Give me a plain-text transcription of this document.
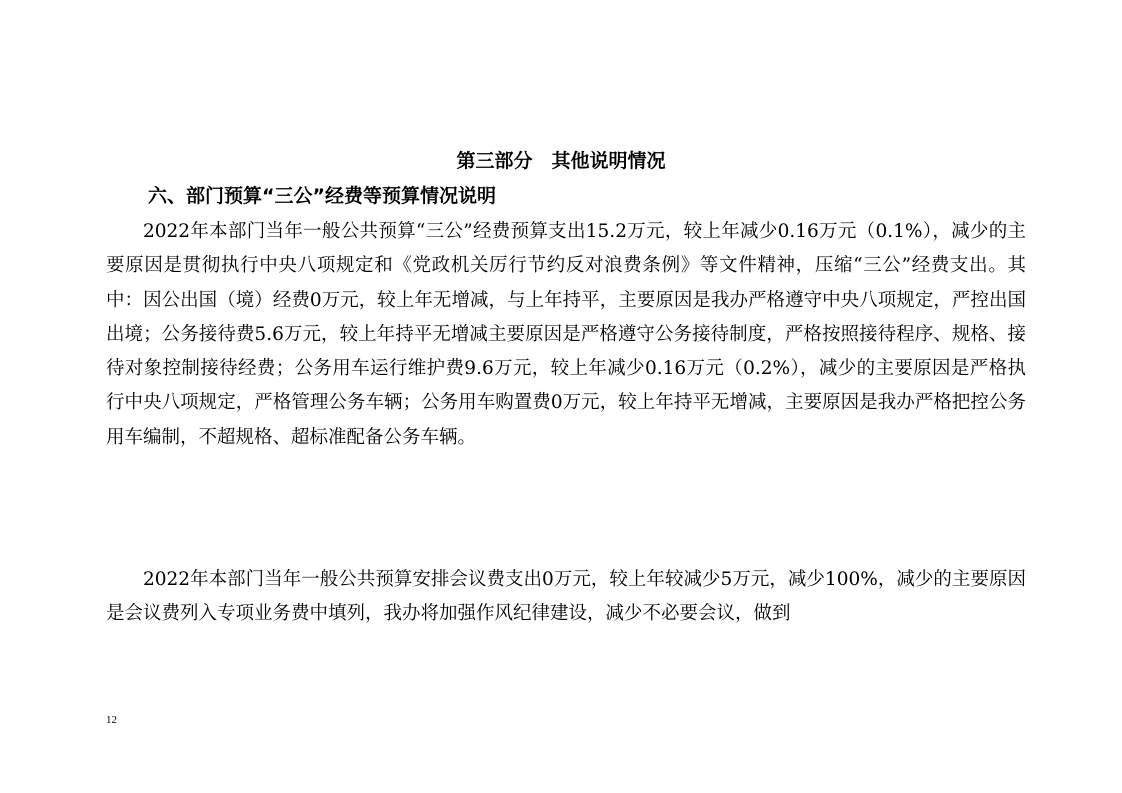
第三部分　其他说明情况
六、部门预算“三公”经费等预算情况说明

2022年本部门当年一般公共预算“三公”经费预算支出15.2万元，较上年减少0.16万元（0.1%），减少的主要原因是贯彻执行中央八项规定和《党政机关厉行节约反对浪费条例》等文件精神，压缩“三公”经费支出。其中：因公出国（境）经费0万元，较上年无增减，与上年持平，主要原因是我办严格遵守中央八项规定，严控出国出境；公务接待费5.6万元，较上年持平无增减主要原因是严格遵守公务接待制度，严格按照接待程序、规格、接待对象控制接待经费；公务用车运行维护费9.6万元，较上年减少0.16万元（0.2%），减少的主要原因是严格执行中央八项规定，严格管理公务车辆；公务用车购置费0万元，较上年持平无增减，主要原因是我办严格把控公务用车编制，不超规格、超标准配备公务车辆。

2022年本部门当年一般公共预算安排会议费支出0万元，较上年较减少5万元，减少100%，减少的主要原因是会议费列入专项业务费中填列，我办将加强作风纪律建设，减少不必要会议，做到

12
